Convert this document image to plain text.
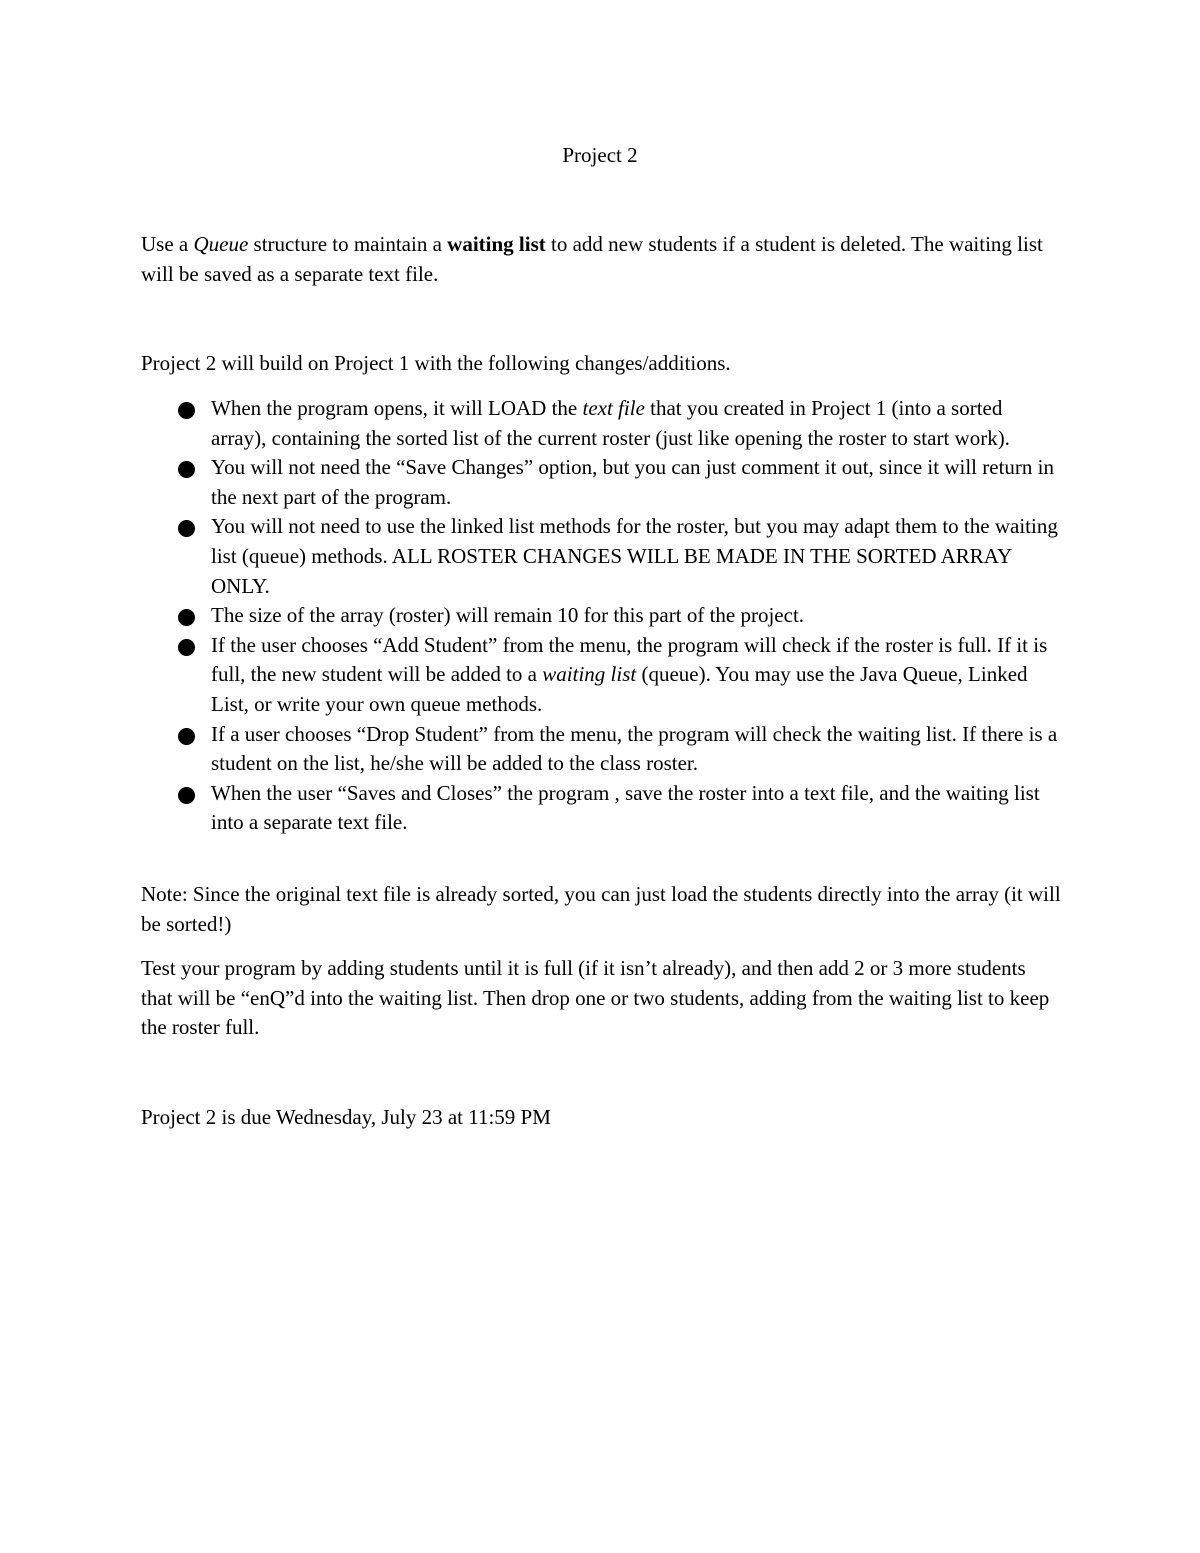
Project 2
Use a Queue structure to maintain a waiting list to add new students if a student is deleted. The waiting list will be saved as a separate text file.
Project 2 will build on Project 1 with the following changes/additions.
When the program opens, it will LOAD the text file that you created in Project 1 (into a sorted array), containing the sorted list of the current roster (just like opening the roster to start work).
You will not need the “Save Changes” option, but you can just comment it out, since it will return in the next part of the program.
You will not need to use the linked list methods for the roster, but you may adapt them to the waiting list (queue) methods. ALL ROSTER CHANGES WILL BE MADE IN THE SORTED ARRAY ONLY.
The size of the array (roster) will remain 10 for this part of the project.
If the user chooses “Add Student” from the menu, the program will check if the roster is full. If it is full, the new student will be added to a waiting list (queue). You may use the Java Queue, Linked List, or write your own queue methods.
If a user chooses “Drop Student” from the menu, the program will check the waiting list. If there is a student on the list, he/she will be added to the class roster.
When the user “Saves and Closes” the program , save the roster into a text file, and the waiting list into a separate text file.
Note: Since the original text file is already sorted, you can just load the students directly into the array (it will be sorted!)
Test your program by adding students until it is full (if it isn’t already), and then add 2 or 3 more students that will be “enQ”d into the waiting list. Then drop one or two students, adding from the waiting list to keep the roster full.
Project 2 is due Wednesday, July 23 at 11:59 PM
